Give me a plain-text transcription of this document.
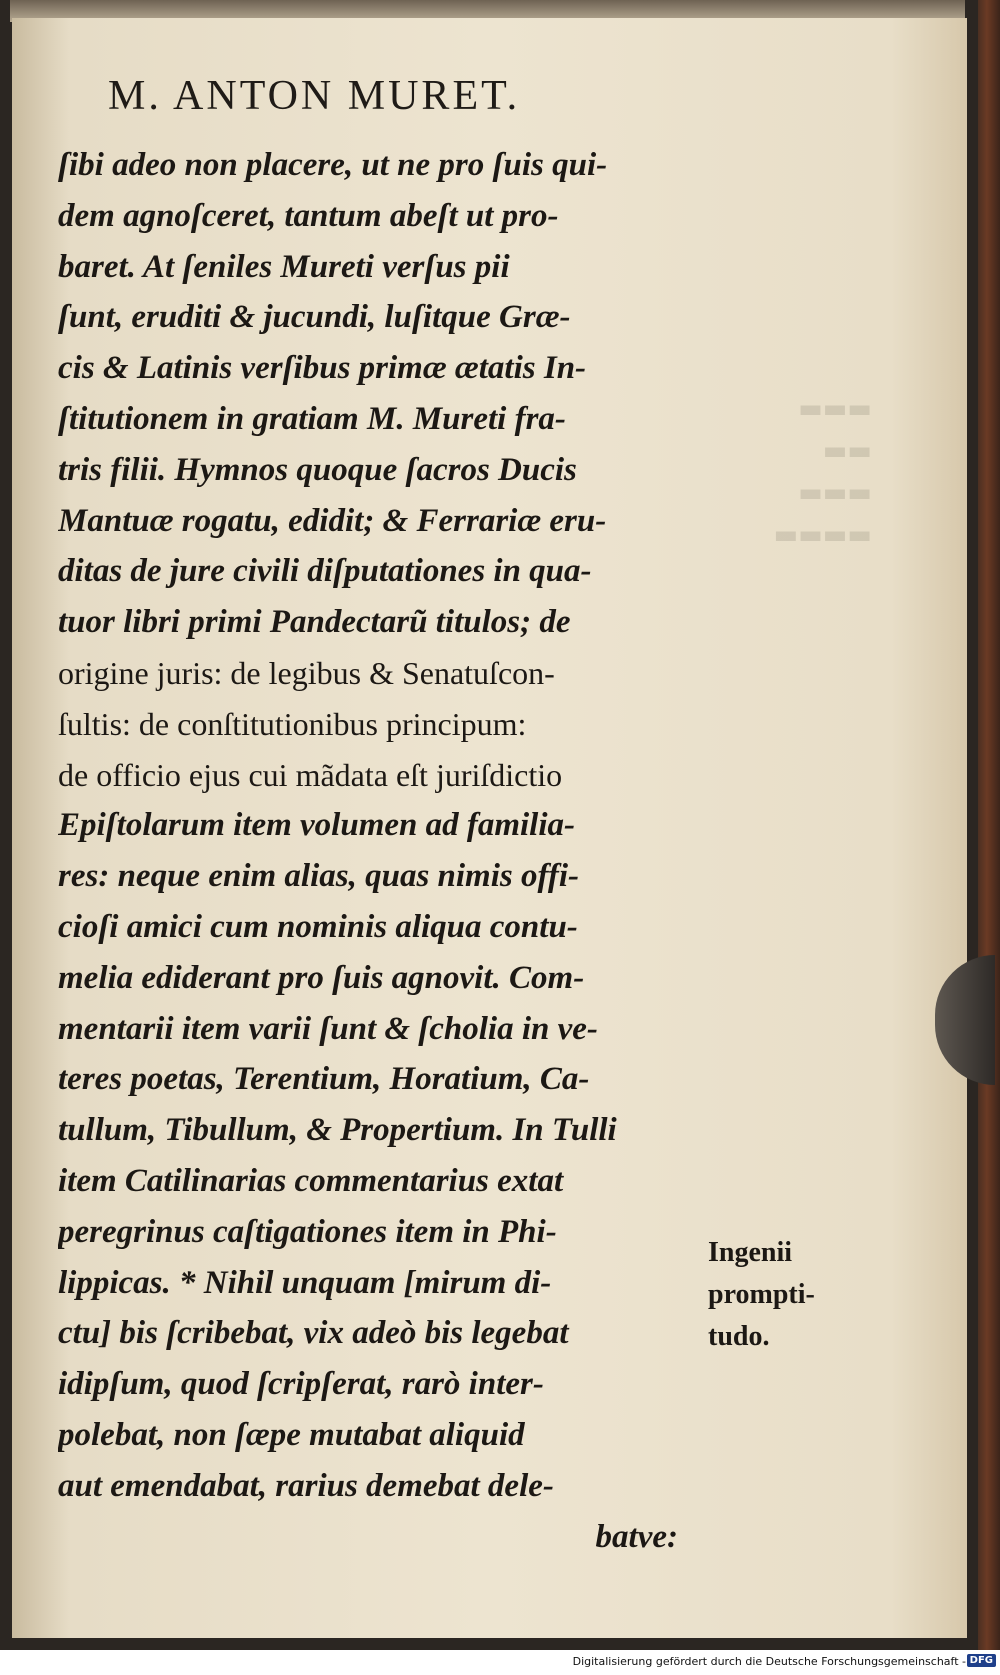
▬▬▬
▬▬
▬▬▬
▬▬▬▬
M. ANTON MURET.
ſibi adeo non placere, ut ne pro ſuis qui-
dem agnoſceret, tantum abeſt ut pro-
baret. At ſeniles Mureti verſus pii
ſunt, eruditi & jucundi, luſitque Græ-
cis & Latinis verſibus primæ ætatis In-
ſtitutionem in gratiam M. Mureti fra-
tris filii. Hymnos quoque ſacros Ducis
Mantuæ rogatu, edidit; & Ferrariæ eru-
ditas de jure civili diſputationes in qua-
tuor libri primi Pandectarũ titulos; de
origine juris: de legibus & Senatuſcon-
ſultis: de conſtitutionibus principum:
de officio ejus cui mãdata eſt juriſdictio
Epiſtolarum item volumen ad familia-
res: neque enim alias, quas nimis offi-
cioſi amici cum nominis aliqua contu-
melia ediderant pro ſuis agnovit. Com-
mentarii item varii ſunt & ſcholia in ve-
teres poetas, Terentium, Horatium, Ca-
tullum, Tibullum, & Propertium. In Tulli
item Catilinarias commentarius extat
peregrinus caſtigationes item in Phi-
lippicas. * Nihil unquam [mirum di-
ctu] bis ſcribebat, vix adeò bis legebat
idipſum, quod ſcripſerat, rarò inter-
polebat, non ſæpe mutabat aliquid
aut emendabat, rarius demebat dele-
batve:
Ingenii
prompti-
tudo.
Digitalisierung gefördert durch die Deutsche Forschungsgemeinschaft - DFG
